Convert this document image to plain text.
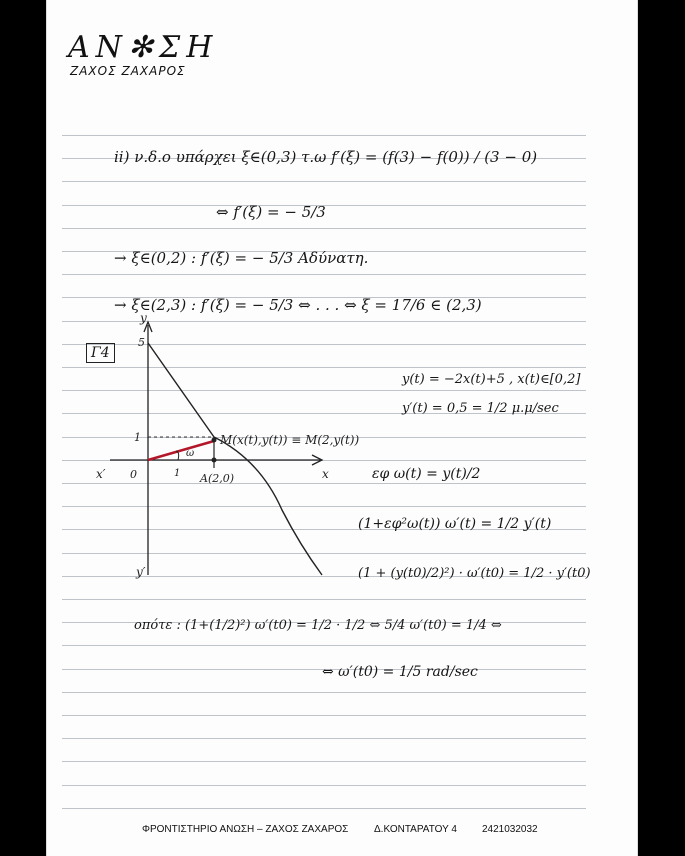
ΑΝ✻ΣΗ
ΖΑΧΟΣ ΖΑΧΑΡΟΣ
ii) ν.δ.ο υπάρχει ξ∈(0,3) τ.ω f′(ξ) = (f(3) − f(0)) / (3 − 0)
⇔ f′(ξ) = − 5/3
→ ξ∈(0,2) : f′(ξ) = − 5/3 Αδύνατη.
→ ξ∈(2,3) : f′(ξ) = − 5/3 ⇔ . . . ⇔ ξ = 17/6 ∈ (2,3)
Γ4
y(t) = −2x(t)+5 , x(t)∈[0,2]
y′(t) = 0,5 = 1/2 μ.μ/sec
εφ ω(t) = y(t)/2
(1+εφ²ω(t)) ω′(t) = 1/2 y′(t)
(1 + (y(t0)/2)²) · ω′(t0) = 1/2 · y′(t0)
οπότε : (1+(1/2)²) ω′(t0) = 1/2 · 1/2 ⇔ 5/4 ω′(t0) = 1/4 ⇔
⇔ ω′(t0) = 1/5 rad/sec
y
x
x′
y′
0
5
1
1
ω
M(x(t),y(t)) ≡ M(2,y(t))
A(2,0)
ΦΡΟΝΤΙΣΤΗΡΙΟ ΑΝΩΣΗ – ΖΑΧΟΣ ΖΑΧΑΡΟΣ	Δ.ΚΟΝΤΑΡΑΤΟΥ 4	2421032032
